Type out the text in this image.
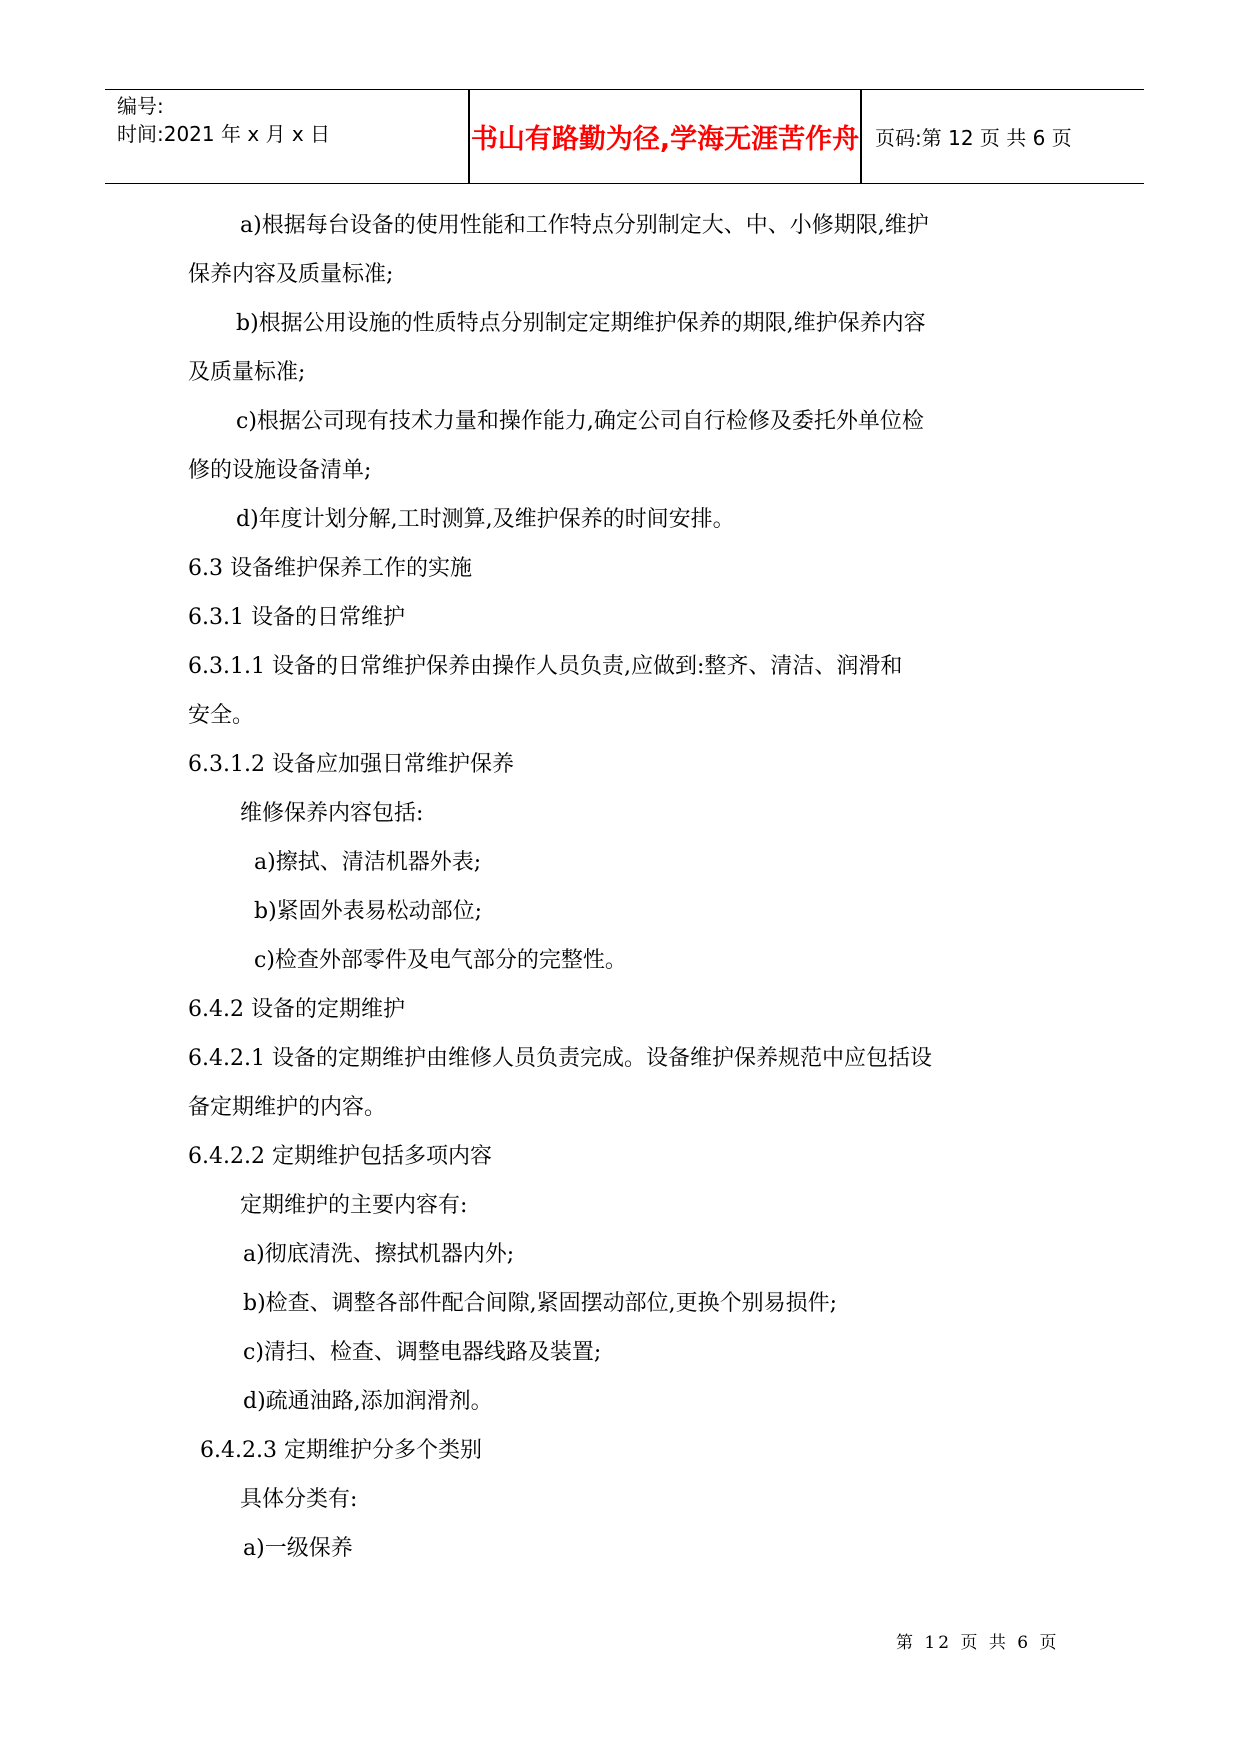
编号:
时间:2021 年 x 月 x 日	书山有路勤为径,学海无涯苦作舟 页码:第 12 页 共 6 页
a)根据每台设备的使用性能和工作特点分别制定大、中、小修期限,维护
保养内容及质量标准;
b)根据公用设施的性质特点分别制定定期维护保养的期限,维护保养内容
及质量标准;
c)根据公司现有技术力量和操作能力,确定公司自行检修及委托外单位检
修的设施设备清单;
d)年度计划分解,工时测算,及维护保养的时间安排。
6.3 设备维护保养工作的实施
6.3.1 设备的日常维护
6.3.1.1 设备的日常维护保养由操作人员负责,应做到:整齐、清洁、润滑和
安全。
6.3.1.2 设备应加强日常维护保养
维修保养内容包括:
a)擦拭、清洁机器外表;
b)紧固外表易松动部位;
c)检查外部零件及电气部分的完整性。
6.4.2 设备的定期维护
6.4.2.1 设备的定期维护由维修人员负责完成。设备维护保养规范中应包括设
备定期维护的内容。
6.4.2.2 定期维护包括多项内容
定期维护的主要内容有:
a)彻底清洗、擦拭机器内外;
b)检查、调整各部件配合间隙,紧固摆动部位,更换个别易损件;
c)清扫、检查、调整电器线路及装置;
d)疏通油路,添加润滑剂。
6.4.2.3 定期维护分多个类别
具体分类有:
a)一级保养
第 12 页 共 6 页
